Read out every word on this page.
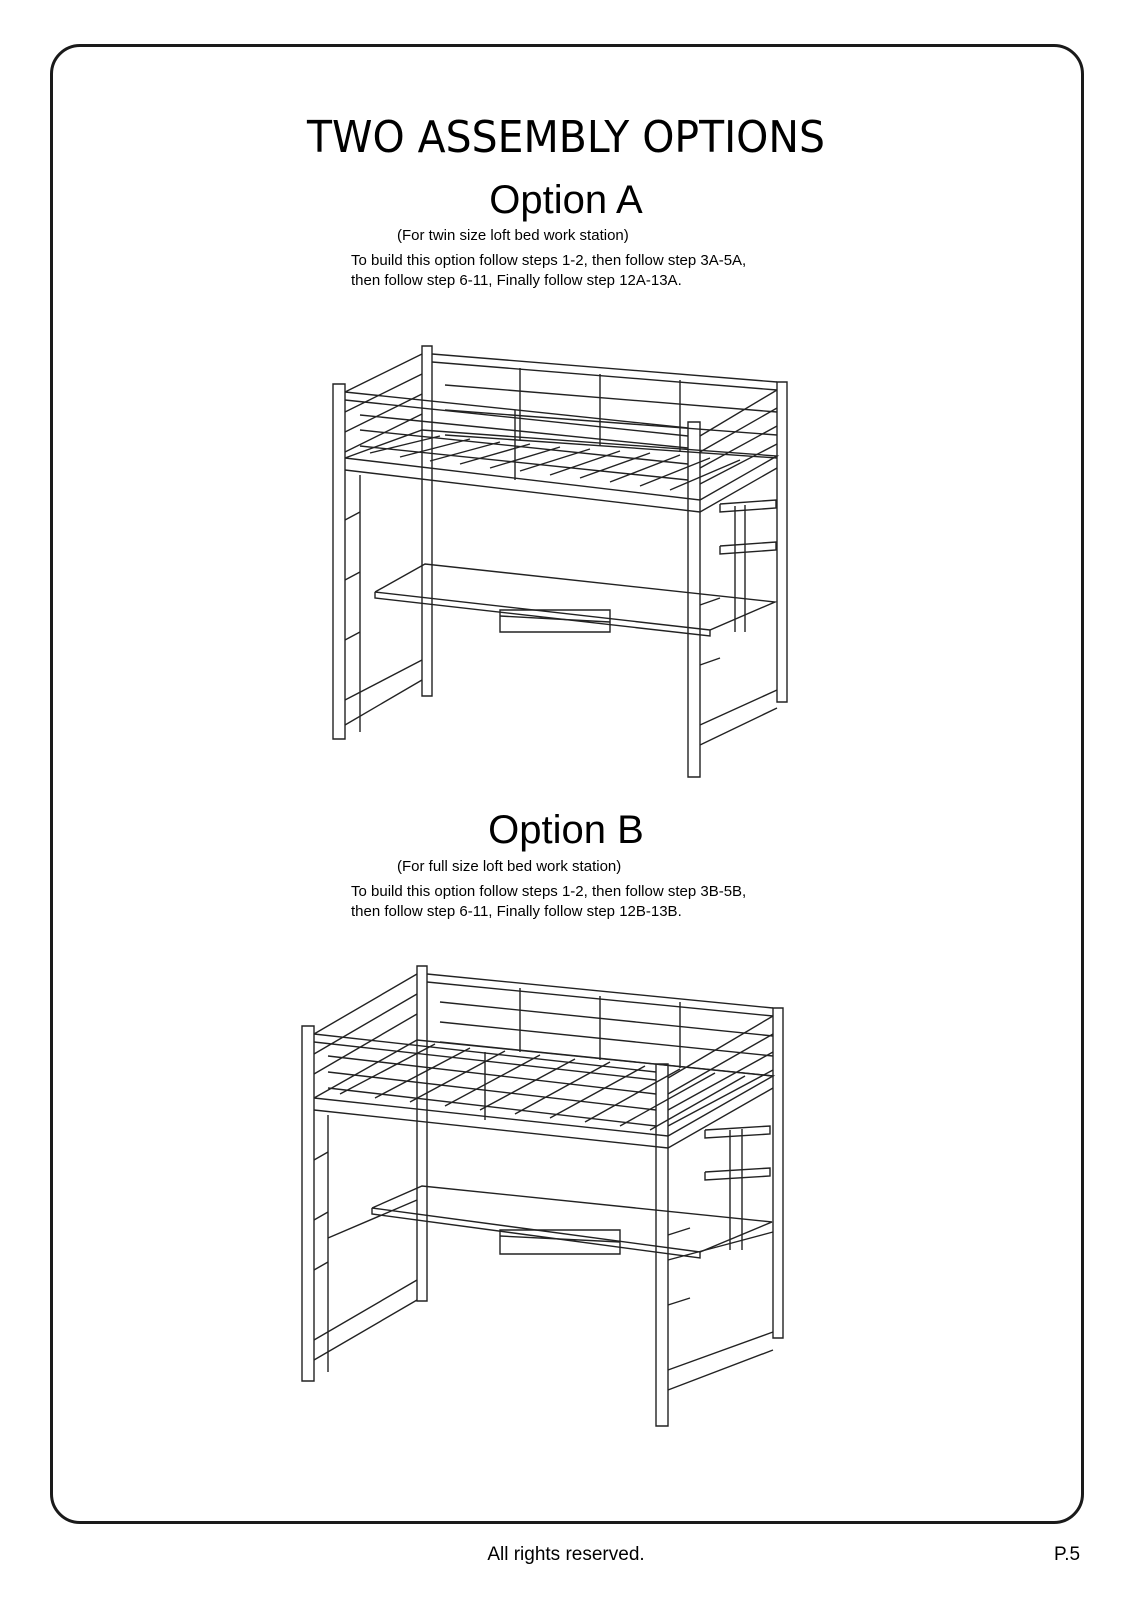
TWO ASSEMBLY OPTIONS
Option A
(For twin size loft bed work station)
To build this option follow steps 1-2, then follow step 3A-5A,
then follow step 6-11, Finally follow step 12A-13A.
Option B
(For full size loft bed work station)
To build this option follow steps 1-2, then follow step 3B-5B,
then follow step 6-11, Finally follow step 12B-13B.
All rights reserved.	P.5
